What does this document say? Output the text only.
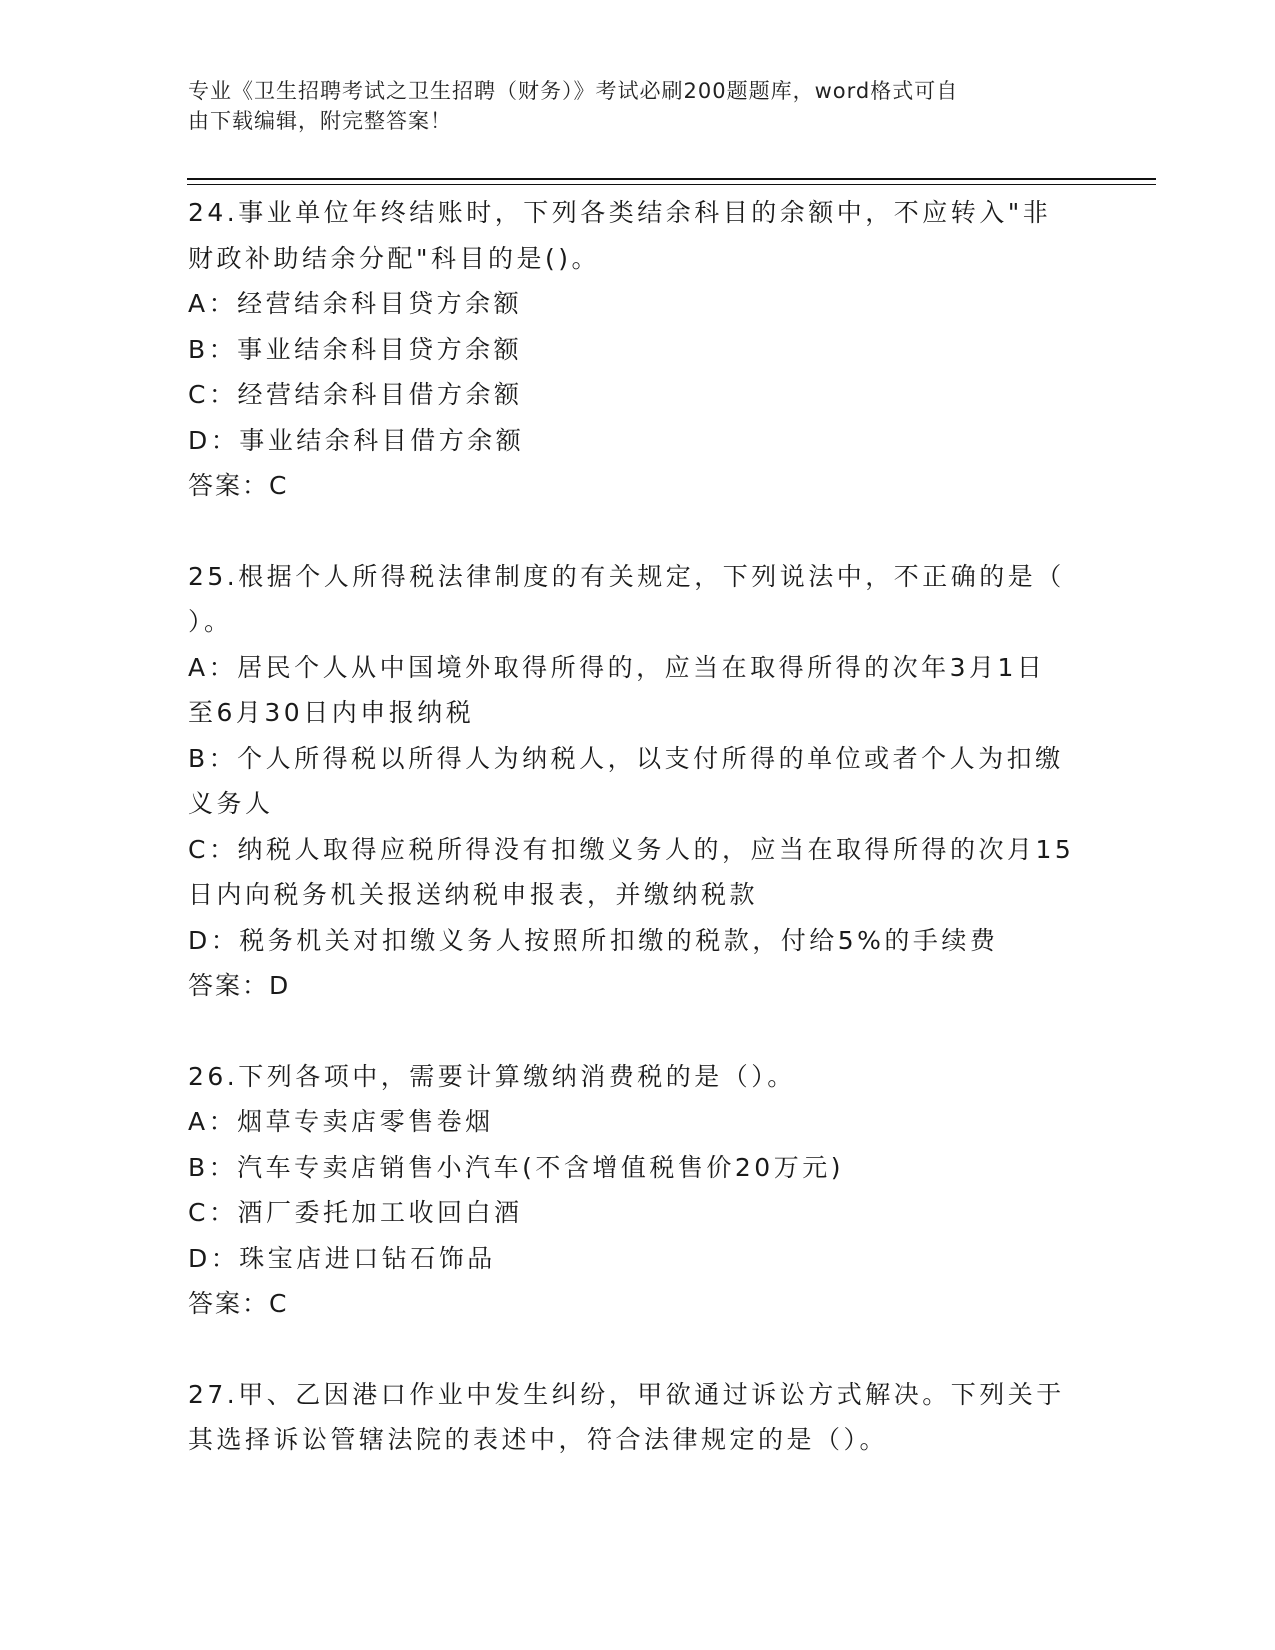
专业《卫生招聘考试之卫生招聘（财务）》考试必刷200题题库，word格式可自
由下载编辑，附完整答案！
24.事业单位年终结账时，下列各类结余科目的余额中，不应转入"非
财政补助结余分配"科目的是()。
A：经营结余科目贷方余额
B：事业结余科目贷方余额
C：经营结余科目借方余额
D：事业结余科目借方余额
答案：C
25.根据个人所得税法律制度的有关规定，下列说法中，不正确的是（
）。
A：居民个人从中国境外取得所得的，应当在取得所得的次年3月1日
至6月30日内申报纳税
B：个人所得税以所得人为纳税人，以支付所得的单位或者个人为扣缴
义务人
C：纳税人取得应税所得没有扣缴义务人的，应当在取得所得的次月15
日内向税务机关报送纳税申报表，并缴纳税款
D：税务机关对扣缴义务人按照所扣缴的税款，付给5%的手续费
答案：D
26.下列各项中，需要计算缴纳消费税的是（）。
A：烟草专卖店零售卷烟
B：汽车专卖店销售小汽车(不含增值税售价20万元)
C：酒厂委托加工收回白酒
D：珠宝店进口钻石饰品
答案：C
27.甲、乙因港口作业中发生纠纷，甲欲通过诉讼方式解决。下列关于
其选择诉讼管辖法院的表述中，符合法律规定的是（）。
